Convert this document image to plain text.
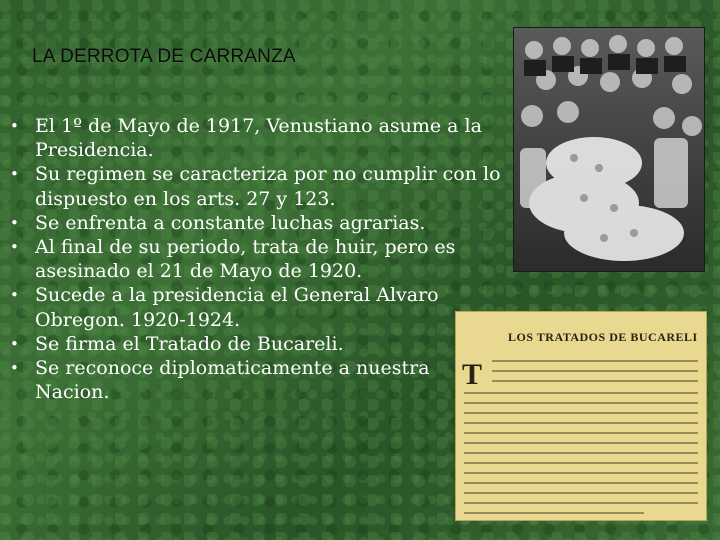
LA DERROTA DE CARRANZA
• El 1º de Mayo de 1917, Venustiano asume a la Presidencia.
• Su regimen se caracteriza por no cumplir con lo dispuesto en los arts. 27 y 123.
• Se enfrenta a constante luchas agrarias.
• Al final de su periodo, trata de huir, pero es asesinado el 21 de Mayo de 1920.
• Sucede a la presidencia el General Alvaro Obregon. 1920-1924.
• Se firma el Tratado de Bucareli.
• Se reconoce diplomaticamente a nuestra Nacion.
LOS TRATADOS DE BUCARELI
T
